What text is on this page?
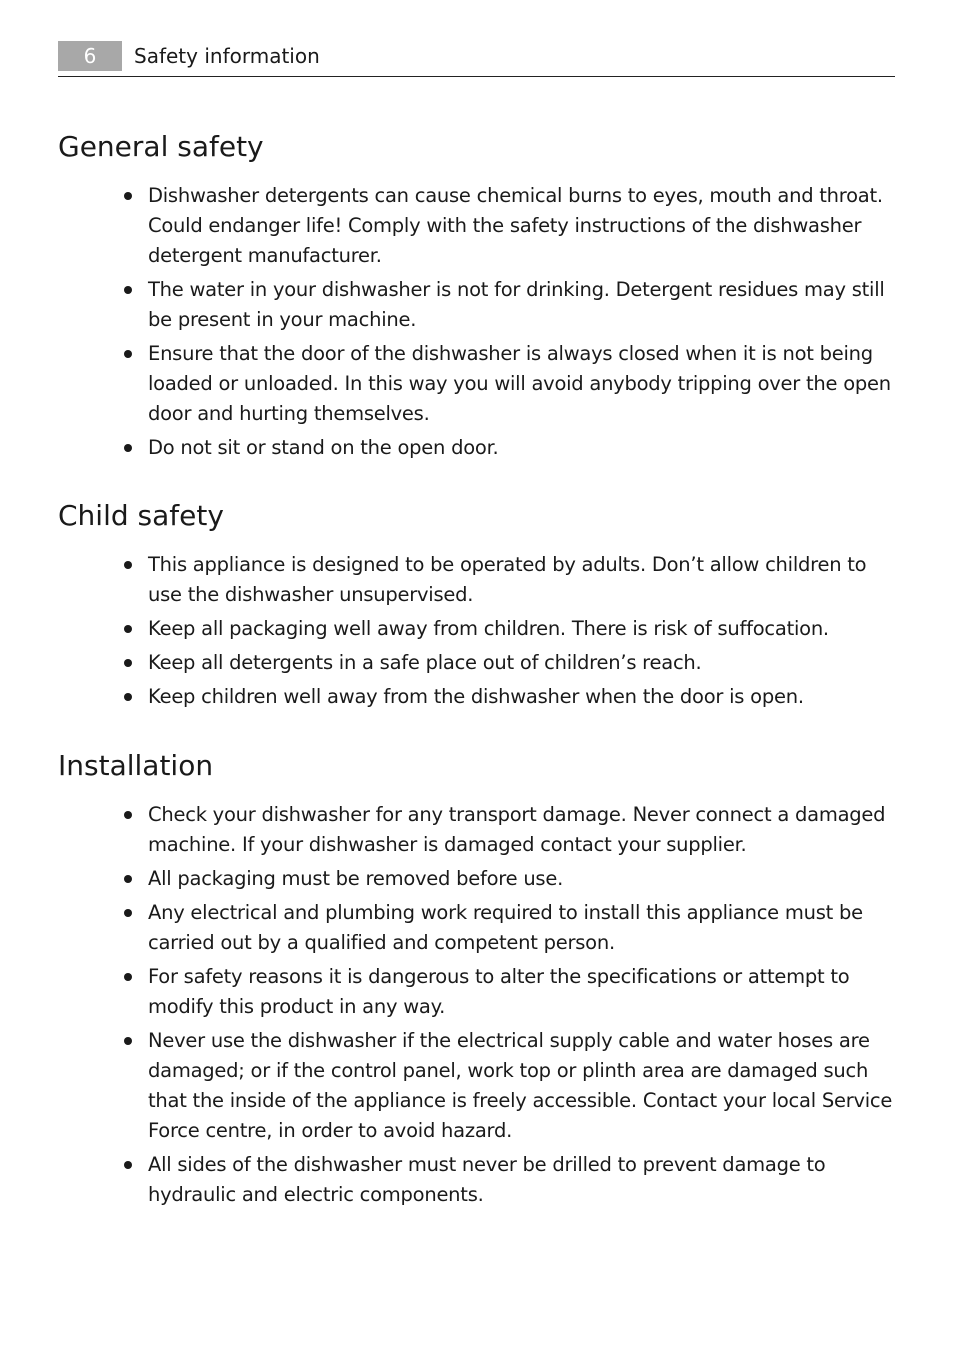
6	Safety information
General safety
Dishwasher detergents can cause chemical burns to eyes, mouth and throat. Could endanger life! Comply with the safety instructions of the dishwasher detergent manufacturer.
The water in your dishwasher is not for drinking. Detergent residues may still be present in your machine.
Ensure that the door of the dishwasher is always closed when it is not being loaded or unloaded. In this way you will avoid anybody tripping over the open door and hurting themselves.
Do not sit or stand on the open door.
Child safety
This appliance is designed to be operated by adults. Don’t allow children to use the dishwasher unsupervised.
Keep all packaging well away from children. There is risk of suffocation.
Keep all detergents in a safe place out of children’s reach.
Keep children well away from the dishwasher when the door is open.
Installation
Check your dishwasher for any transport damage. Never connect a damaged machine. If your dishwasher is damaged contact your supplier.
All packaging must be removed before use.
Any electrical and plumbing work required to install this appliance must be carried out by a qualified and competent person.
For safety reasons it is dangerous to alter the specifications or attempt to modify this product in any way.
Never use the dishwasher if the electrical supply cable and water hoses are damaged; or if the control panel, work top or plinth area are damaged such that the inside of the appliance is freely accessible. Contact your local Service Force centre, in order to avoid hazard.
All sides of the dishwasher must never be drilled to prevent damage to hydraulic and electric components.
